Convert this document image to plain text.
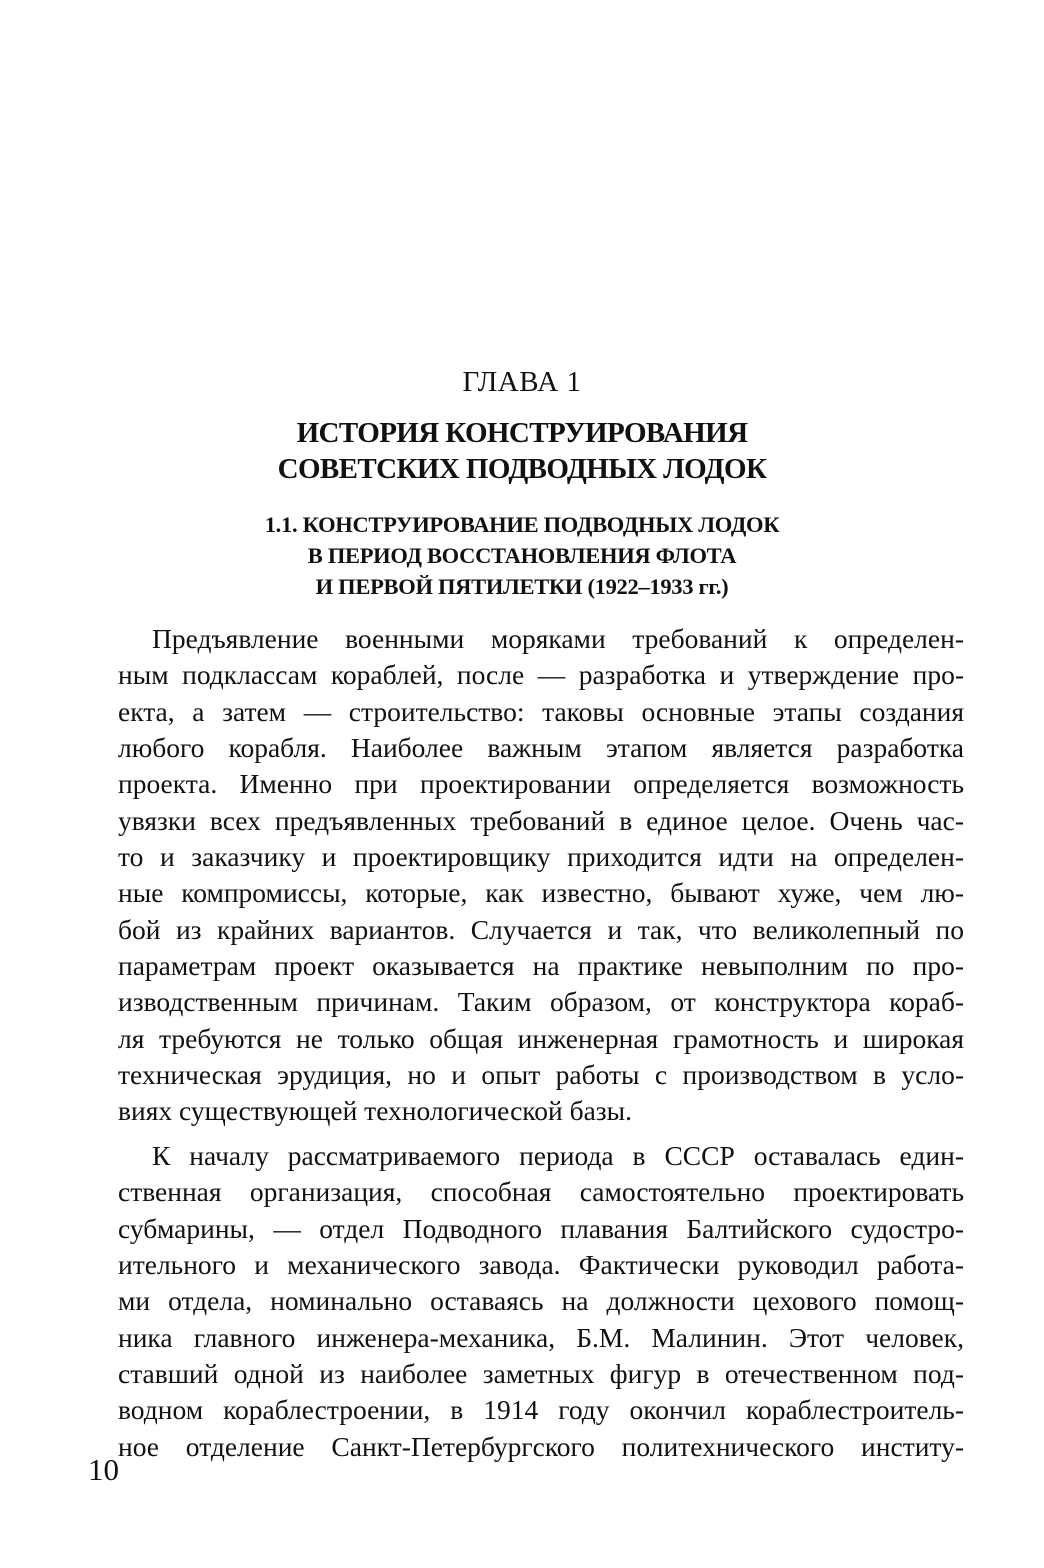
ГЛАВА 1
ИСТОРИЯ КОНСТРУИРОВАНИЯ
СОВЕТСКИХ ПОДВОДНЫХ ЛОДОК
1.1. КОНСТРУИРОВАНИЕ ПОДВОДНЫХ ЛОДОК
В ПЕРИОД ВОССТАНОВЛЕНИЯ ФЛОТА
И ПЕРВОЙ ПЯТИЛЕТКИ (1922–1933 гг.)
Предъявление военными моряками требований к определен-
ным подклассам кораблей, после — разработка и утверждение про-
екта, а затем — строительство: таковы основные этапы создания
любого корабля. Наиболее важным этапом является разработка
проекта. Именно при проектировании определяется возможность
увязки всех предъявленных требований в единое целое. Очень час-
то и заказчику и проектировщику приходится идти на определен-
ные компромиссы, которые, как известно, бывают хуже, чем лю-
бой из крайних вариантов. Случается и так, что великолепный по
параметрам проект оказывается на практике невыполним по про-
изводственным причинам. Таким образом, от конструктора кораб-
ля требуются не только общая инженерная грамотность и широкая
техническая эрудиция, но и опыт работы с производством в усло-
виях существующей технологической базы.
К началу рассматриваемого периода в СССР оставалась един-
ственная организация, способная самостоятельно проектировать
субмарины, — отдел Подводного плавания Балтийского судостро-
ительного и механического завода. Фактически руководил работа-
ми отдела, номинально оставаясь на должности цехового помощ-
ника главного инженера-механика, Б.М. Малинин. Этот человек,
ставший одной из наиболее заметных фигур в отечественном под-
водном кораблестроении, в 1914 году окончил кораблестроитель-
ное отделение Санкт-Петербургского политехнического институ-

10
